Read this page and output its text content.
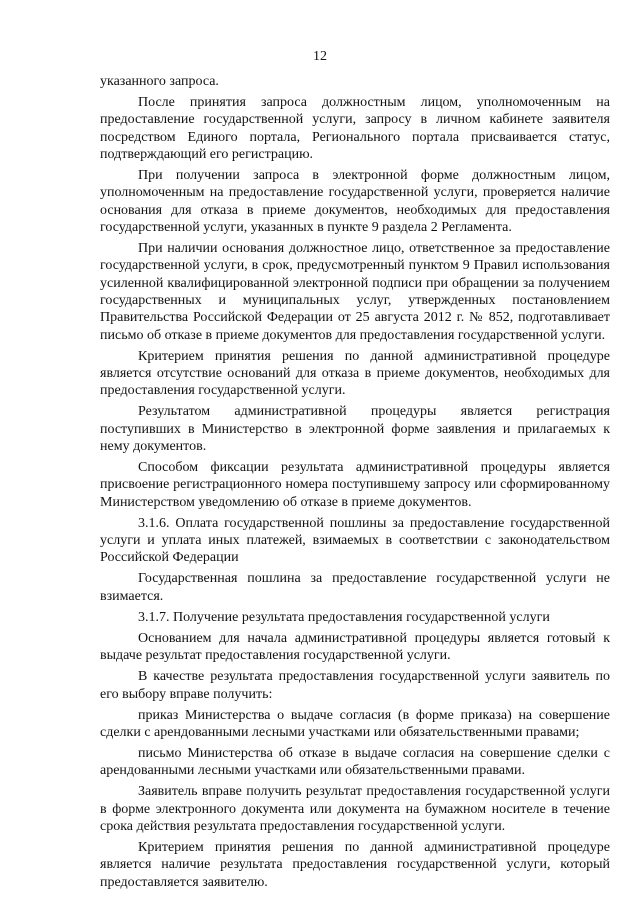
12

указанного запроса.

После принятия запроса должностным лицом, уполномоченным на предоставление государственной услуги, запросу в личном кабинете заявителя посредством Единого портала, Регионального портала присваивается статус, подтверждающий его регистрацию.

При получении запроса в электронной форме должностным лицом, уполномоченным на предоставление государственной услуги, проверяется наличие основания для отказа в приеме документов, необходимых для предоставления государственной услуги, указанных в пункте 9 раздела 2 Регламента.

При наличии основания должностное лицо, ответственное за предоставление государственной услуги, в срок, предусмотренный пунктом 9 Правил использования усиленной квалифицированной электронной подписи при обращении за получением государственных и муниципальных услуг, утвержденных постановлением Правительства Российской Федерации от 25 августа 2012 г. № 852, подготавливает письмо об отказе в приеме документов для предоставления государственной услуги.

Критерием принятия решения по данной административной процедуре является отсутствие оснований для отказа в приеме документов, необходимых для предоставления государственной услуги.

Результатом административной процедуры является регистрация поступивших в Министерство в электронной форме заявления и прилагаемых к нему документов.

Способом фиксации результата административной процедуры является присвоение регистрационного номера поступившему запросу или сформированному Министерством уведомлению об отказе в приеме документов.

3.1.6. Оплата государственной пошлины за предоставление государственной услуги и уплата иных платежей, взимаемых в соответствии с законодательством Российской Федерации

Государственная пошлина за предоставление государственной услуги не взимается.

3.1.7. Получение результата предоставления государственной услуги

Основанием для начала административной процедуры является готовый к выдаче результат предоставления государственной услуги.

В качестве результата предоставления государственной услуги заявитель по его выбору вправе получить:

приказ Министерства о выдаче согласия (в форме приказа) на совершение сделки с арендованными лесными участками или обязательственными правами;

письмо Министерства об отказе в выдаче согласия на совершение сделки с арендованными лесными участками или обязательственными правами.

Заявитель вправе получить результат предоставления государственной услуги в форме электронного документа или документа на бумажном носителе в течение срока действия результата предоставления государственной услуги.

Критерием принятия решения по данной административной процедуре является наличие результата предоставления государственной услуги, который предоставляется заявителю.
